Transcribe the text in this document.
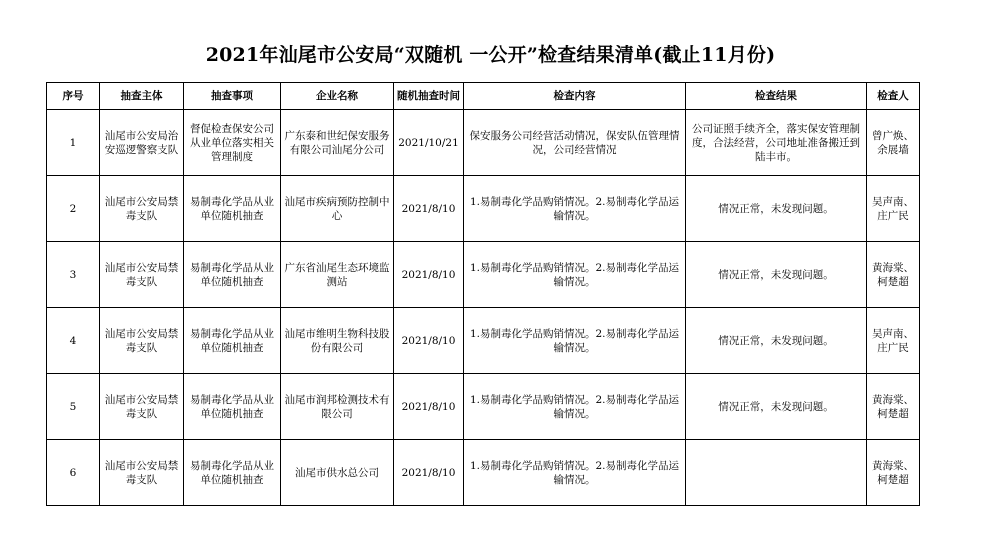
2021年汕尾市公安局“双随机 一公开”检查结果清单(截止11月份)
序号	抽查主体	抽查事项	企业名称	随机抽查时间	检查内容	检查结果	检查人
1	汕尾市公安局治安巡逻警察支队	督促检查保安公司从业单位落实相关管理制度	广东泰和世纪保安服务有限公司汕尾分公司	2021/10/21	保安服务公司经营活动情况，保安队伍管理情况，公司经营情况	公司证照手续齐全，落实保安管理制度，合法经营，公司地址准备搬迁到陆丰市。	曾广焕、余展墙
2	汕尾市公安局禁毒支队	易制毒化学品从业单位随机抽查	汕尾市疾病预防控制中心	2021/8/10	1.易制毒化学品购销情况。2.易制毒化学品运输情况。	情况正常，未发现问题。	吴声南、庄广民
3	汕尾市公安局禁毒支队	易制毒化学品从业单位随机抽查	广东省汕尾生态环境监测站	2021/8/10	1.易制毒化学品购销情况。2.易制毒化学品运输情况。	情况正常，未发现问题。	黄海棠、柯楚超
4	汕尾市公安局禁毒支队	易制毒化学品从业单位随机抽查	汕尾市维明生物科技股份有限公司	2021/8/10	1.易制毒化学品购销情况。2.易制毒化学品运输情况。	情况正常，未发现问题。	吴声南、庄广民
5	汕尾市公安局禁毒支队	易制毒化学品从业单位随机抽查	汕尾市润邦检测技术有限公司	2021/8/10	1.易制毒化学品购销情况。2.易制毒化学品运输情况。	情况正常，未发现问题。	黄海棠、柯楚超
6	汕尾市公安局禁毒支队	易制毒化学品从业单位随机抽查	汕尾市供水总公司	2021/8/10	1.易制毒化学品购销情况。2.易制毒化学品运输情况。		黄海棠、柯楚超
